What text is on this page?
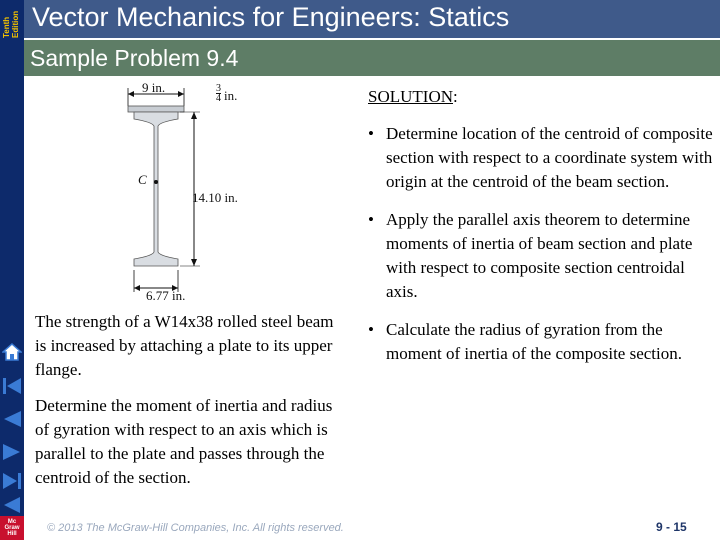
Tenth Edition
Mc
Graw
Hill
Vector Mechanics for Engineers: Statics
Sample Problem 9.4
9 in.	3
4 in.
C
14.10 in.
6.77 in.

The strength of a W14x38 rolled steel beam is increased by attaching a plate to its upper flange.

Determine the moment of inertia and radius of gyration with respect to an axis which is parallel to the plate and passes through the centroid of the section.

SOLUTION:
• Determine location of the centroid of composite section with respect to a coordinate system with origin at the centroid of the beam section.
• Apply the parallel axis theorem to determine moments of inertia of beam section and plate with respect to composite section centroidal axis.
• Calculate the radius of gyration from the moment of inertia of the composite section.
© 2013 The McGraw-Hill Companies, Inc. All rights reserved.	9 - 15
